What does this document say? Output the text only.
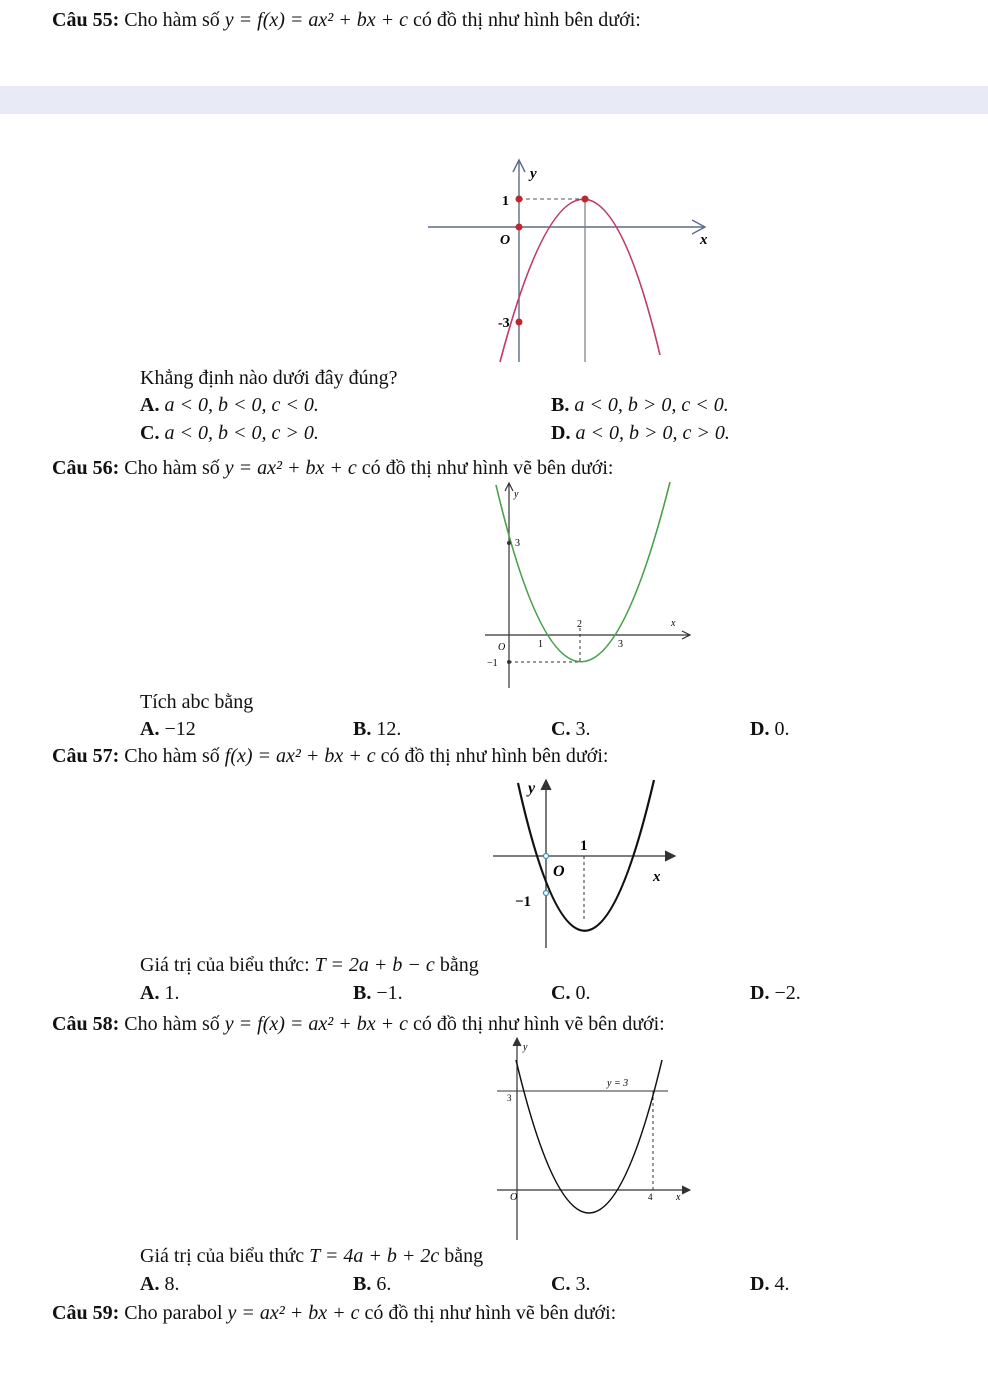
Câu 55: Cho hàm số y = f(x) = ax² + bx + c có đồ thị như hình bên dưới:
y
x
O
1
-3
Khẳng định nào dưới đây đúng?
A. a < 0, b < 0, c < 0.	B. a < 0, b > 0, c < 0.
C. a < 0, b < 0, c > 0.	D. a < 0, b > 0, c > 0.
Câu 56: Cho hàm số y = ax² + bx + c có đồ thị như hình vẽ bên dưới:
y
x
O
3
2
1	3
−1
Tích abc bằng
A. −12	B. 12.	C. 3.	D. 0.
Câu 57: Cho hàm số f(x) = ax² + bx + c có đồ thị như hình bên dưới:
y
x
O
1
−1
Giá trị của biểu thức: T = 2a + b − c bằng
A. 1.	B. −1.	C. 0.	D. −2.
Câu 58: Cho hàm số y = f(x) = ax² + bx + c có đồ thị như hình vẽ bên dưới:
y
x
O
3
4
y = 3
Giá trị của biểu thức T = 4a + b + 2c bằng
A. 8.	B. 6.	C. 3.	D. 4.
Câu 59: Cho parabol y = ax² + bx + c có đồ thị như hình vẽ bên dưới:
